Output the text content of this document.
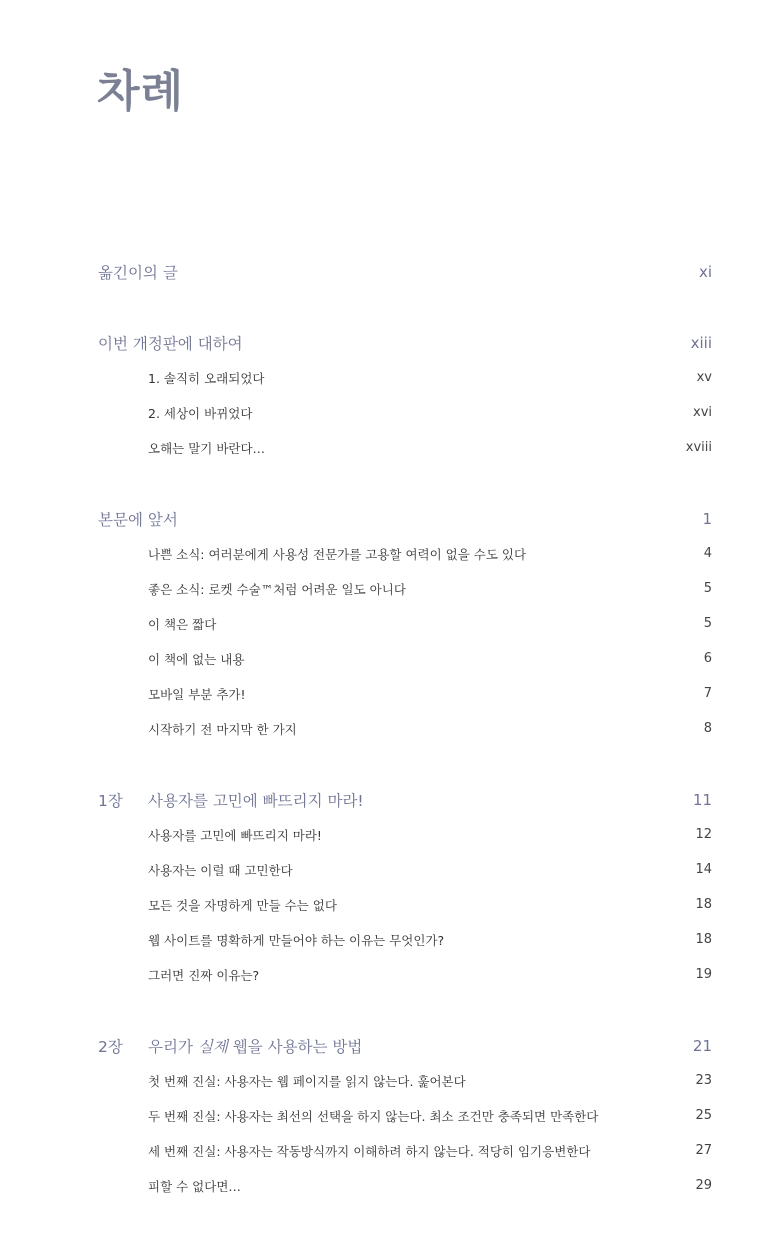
차례
옮긴이의 글	xi
이번 개정판에 대하여	xiii
1. 솔직히 오래되었다	xv
2. 세상이 바뀌었다	xvi
오해는 말기 바란다…	xviii
본문에 앞서	1
나쁜 소식: 여러분에게 사용성 전문가를 고용할 여력이 없을 수도 있다	4
좋은 소식: 로켓 수술™처럼 어려운 일도 아니다	5
이 책은 짧다	5
이 책에 없는 내용	6
모바일 부분 추가!	7
시작하기 전 마지막 한 가지	8
1장 사용자를 고민에 빠뜨리지 마라!	11
사용자를 고민에 빠뜨리지 마라!	12
사용자는 이럴 때 고민한다	14
모든 것을 자명하게 만들 수는 없다	18
웹 사이트를 명확하게 만들어야 하는 이유는 무엇인가?	18
그러면 진짜 이유는?	19
2장 우리가 실제 웹을 사용하는 방법	21
첫 번째 진실: 사용자는 웹 페이지를 읽지 않는다. 훑어본다	23
두 번째 진실: 사용자는 최선의 선택을 하지 않는다. 최소 조건만 충족되면 만족한다	25
세 번째 진실: 사용자는 작동방식까지 이해하려 하지 않는다. 적당히 임기응변한다	27
피할 수 없다면…	29
